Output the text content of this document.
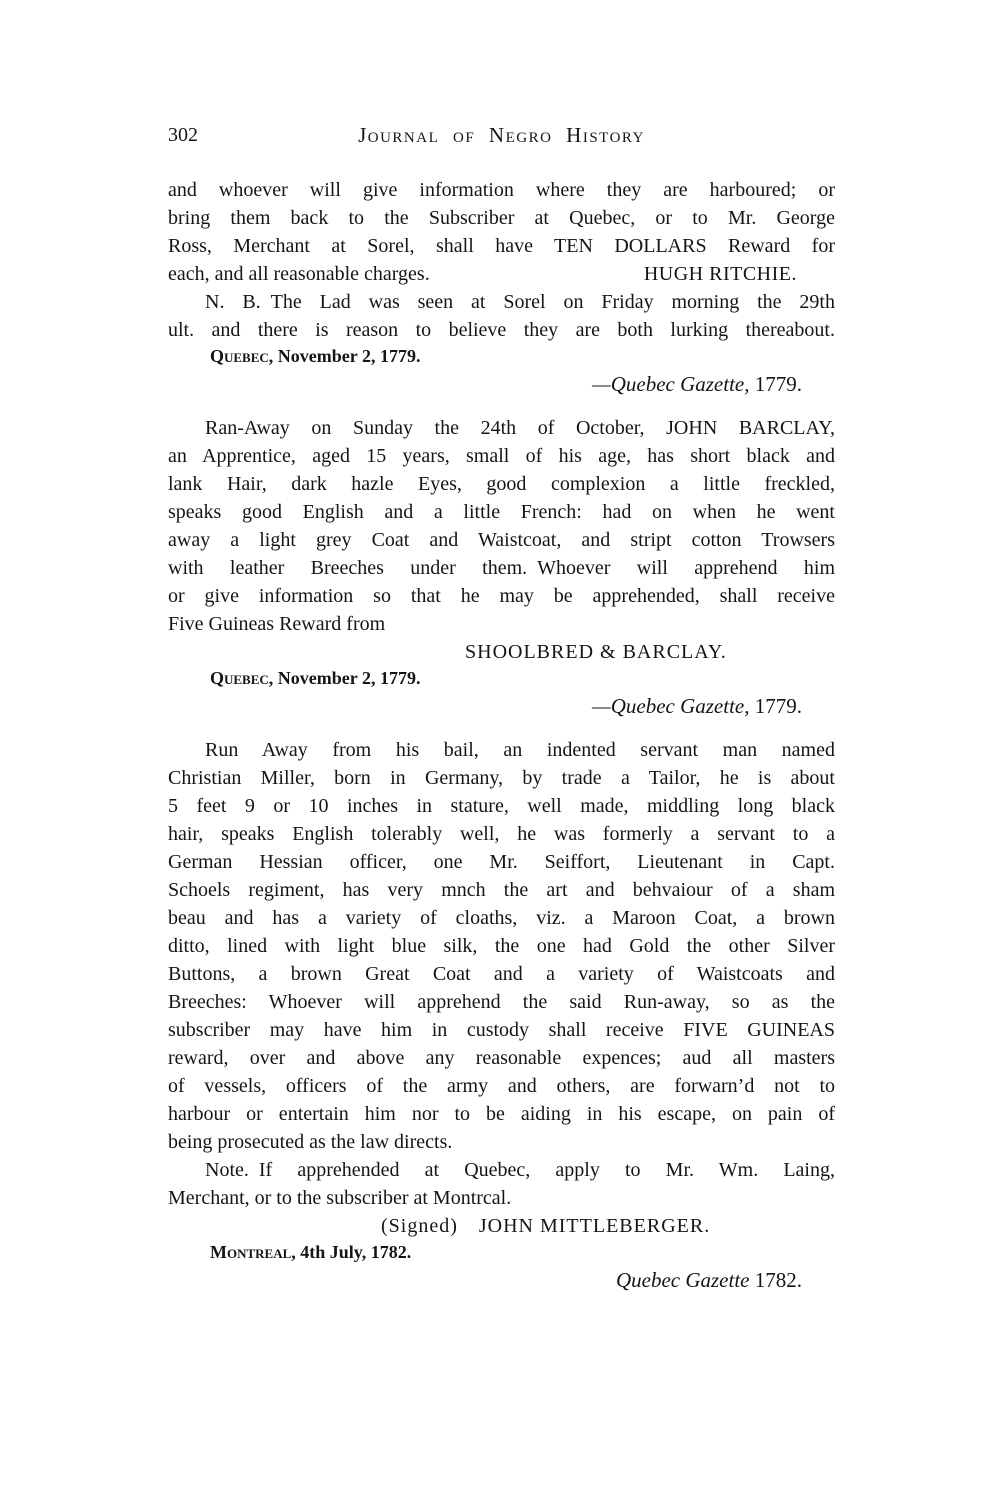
302	Journal of Negro History
and whoever will give information where they are harboured; or
bring them back to the Subscriber at Quebec, or to Mr. George
Ross, Merchant at Sorel, shall have TEN DOLLARS Reward for
each, and all reasonable charges.	HUGH RITCHIE.
N. B. The Lad was seen at Sorel on Friday morning the 29th
ult. and there is reason to believe they are both lurking thereabout.
Quebec, November 2, 1779.
—Quebec Gazette, 1779.
Ran-Away on Sunday the 24th of October, JOHN BARCLAY,
an Apprentice, aged 15 years, small of his age, has short black and
lank Hair, dark hazle Eyes, good complexion a little freckled,
speaks good English and a little French: had on when he went
away a light grey Coat and Waistcoat, and stript cotton Trowsers
with leather Breeches under them. Whoever will apprehend him
or give information so that he may be apprehended, shall receive
Five Guineas Reward from
SHOOLBRED & BARCLAY.
Quebec, November 2, 1779.
—Quebec Gazette, 1779.
Run Away from his bail, an indented servant man named
Christian Miller, born in Germany, by trade a Tailor, he is about
5 feet 9 or 10 inches in stature, well made, middling long black
hair, speaks English tolerably well, he was formerly a servant to a
German Hessian officer, one Mr. Seiffort, Lieutenant in Capt.
Schoels regiment, has very mnch the art and behvaiour of a sham
beau and has a variety of cloaths, viz. a Maroon Coat, a brown
ditto, lined with light blue silk, the one had Gold the other Silver
Buttons, a brown Great Coat and a variety of Waistcoats and
Breeches: Whoever will apprehend the said Run-away, so as the
subscriber may have him in custody shall receive FIVE GUINEAS
reward, over and above any reasonable expences; aud all masters
of vessels, officers of the army and others, are forwarn’d not to
harbour or entertain him nor to be aiding in his escape, on pain of
being prosecuted as the law directs.
Note. If apprehended at Quebec, apply to Mr. Wm. Laing,
Merchant, or to the subscriber at Montrcal.
(Signed) JOHN MITTLEBERGER.
Montreal, 4th July, 1782.
Quebec Gazette 1782.
